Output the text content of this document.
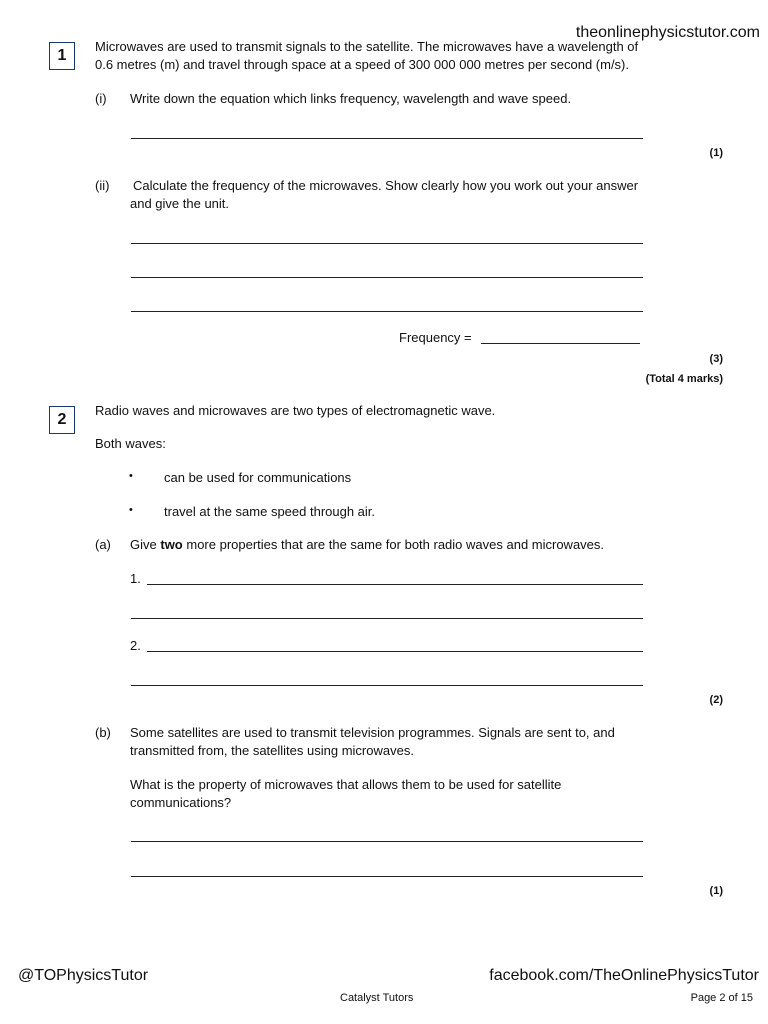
theonlinephysicstutor.com
1
Microwaves are used to transmit signals to the satellite. The microwaves have a wavelength of
0.6 metres (m) and travel through space at a speed of 300 000 000 metres per second (m/s).
(i) Write down the equation which links frequency, wavelength and wave speed.
(1)
(ii) Calculate the frequency of the microwaves. Show clearly how you work out your answer
and give the unit.
Frequency =
(3)
(Total 4 marks)
2
Radio waves and microwaves are two types of electromagnetic wave.
Both waves:
• can be used for communications
• travel at the same speed through air.
(a) Give two more properties that are the same for both radio waves and microwaves.
1.
2.
(2)
(b) Some satellites are used to transmit television programmes. Signals are sent to, and
transmitted from, the satellites using microwaves.
What is the property of microwaves that allows them to be used for satellite
communications?
(1)
@TOPhysicsTutor	facebook.com/TheOnlinePhysicsTutor
Catalyst Tutors	Page 2 of 15
